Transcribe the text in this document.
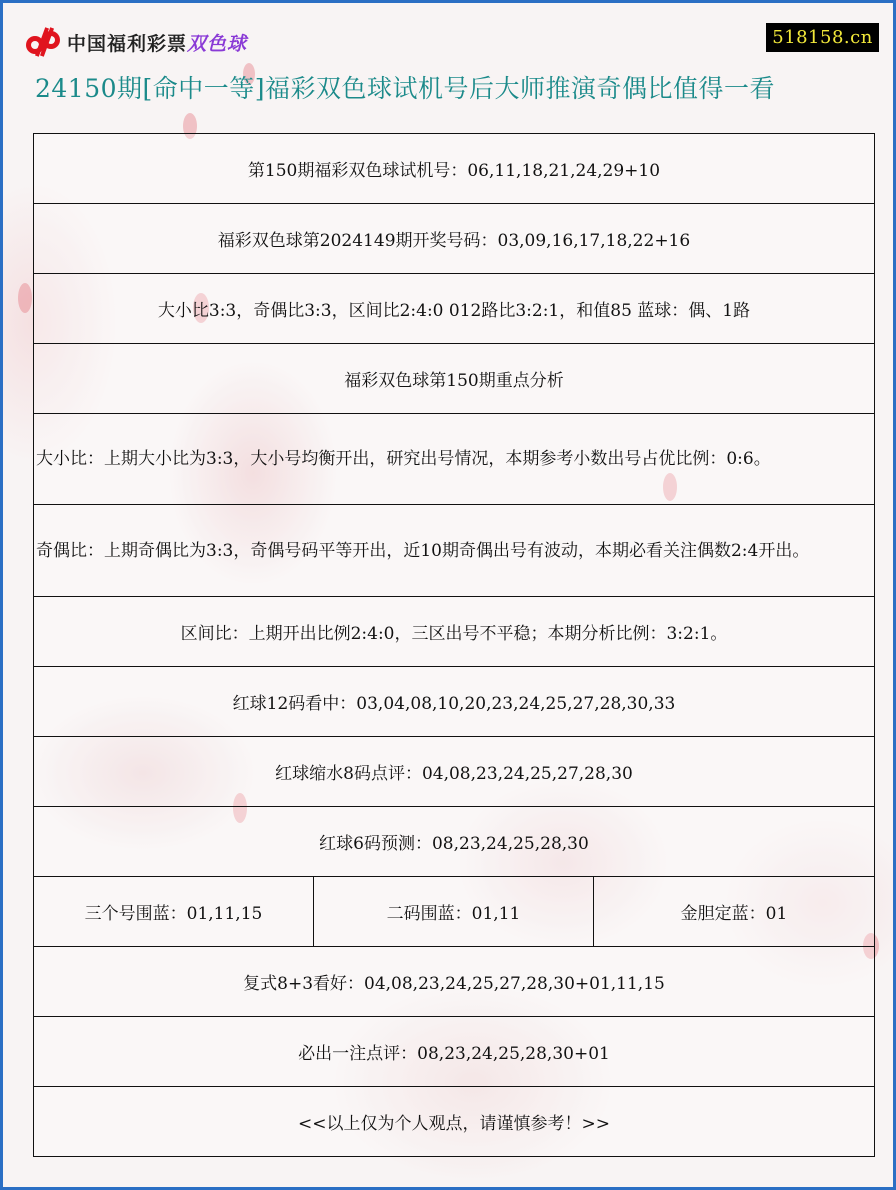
中国福利彩票双色球	518158.cn
24150期[命中一等]福彩双色球试机号后大师推演奇偶比值得一看
第150期福彩双色球试机号：06,11,18,21,24,29+10
福彩双色球第2024149期开奖号码：03,09,16,17,18,22+16
大小比3:3，奇偶比3:3，区间比2:4:0 012路比3:2:1，和值85 蓝球：偶、1路
福彩双色球第150期重点分析
大小比：上期大小比为3:3，大小号均衡开出，研究出号情况，本期参考小数出号占优比例：0:6。
奇偶比：上期奇偶比为3:3，奇偶号码平等开出，近10期奇偶出号有波动，本期必看关注偶数2:4开出。
区间比：上期开出比例2:4:0，三区出号不平稳；本期分析比例：3:2:1。
红球12码看中：03,04,08,10,20,23,24,25,27,28,30,33
红球缩水8码点评：04,08,23,24,25,27,28,30
红球6码预测：08,23,24,25,28,30
三个号围蓝：01,11,15	二码围蓝：01,11	金胆定蓝：01
复式8+3看好：04,08,23,24,25,27,28,30+01,11,15
必出一注点评：08,23,24,25,28,30+01
<<以上仅为个人观点，请谨慎参考！>>
